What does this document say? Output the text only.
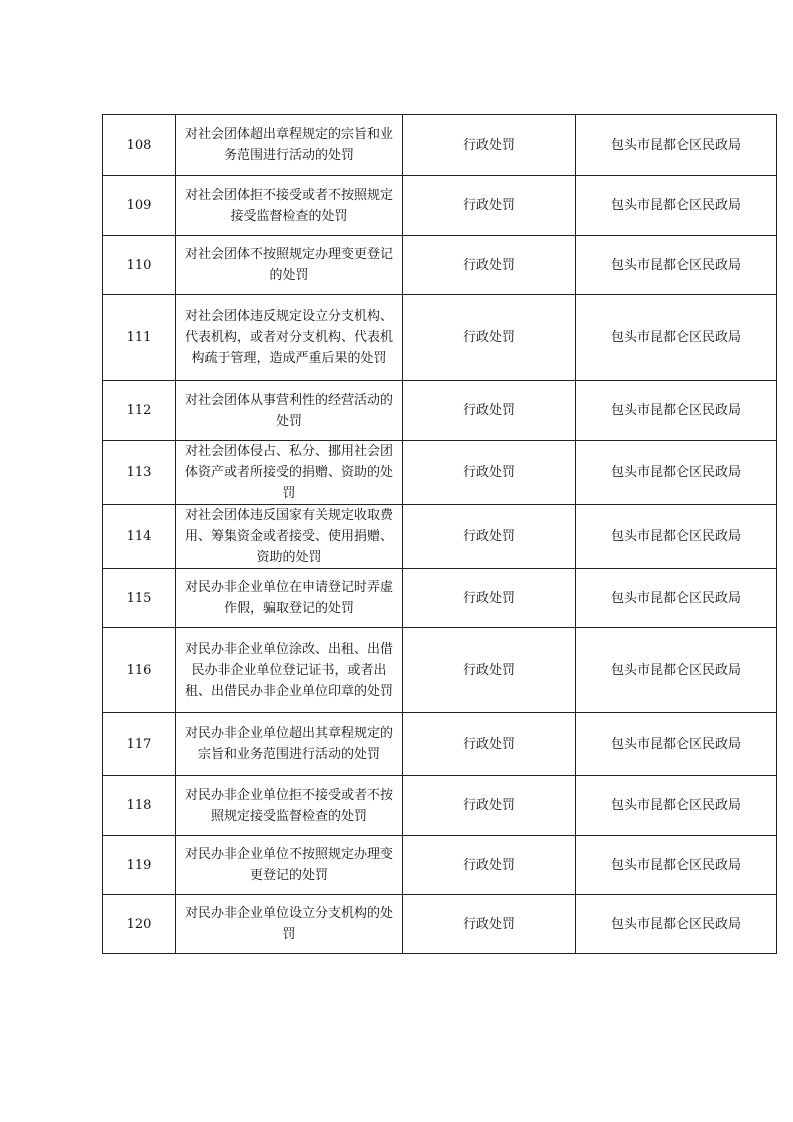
108	对社会团体超出章程规定的宗旨和业务范围进行活动的处罚	行政处罚	包头市昆都仑区民政局
109	对社会团体拒不接受或者不按照规定接受监督检查的处罚	行政处罚	包头市昆都仑区民政局
110	对社会团体不按照规定办理变更登记的处罚	行政处罚	包头市昆都仑区民政局
111	对社会团体违反规定设立分支机构、代表机构，或者对分支机构、代表机构疏于管理，造成严重后果的处罚	行政处罚	包头市昆都仑区民政局
112	对社会团体从事营利性的经营活动的处罚	行政处罚	包头市昆都仑区民政局
113	对社会团体侵占、私分、挪用社会团体资产或者所接受的捐赠、资助的处罚	行政处罚	包头市昆都仑区民政局
114	对社会团体违反国家有关规定收取费用、筹集资金或者接受、使用捐赠、资助的处罚	行政处罚	包头市昆都仑区民政局
115	对民办非企业单位在申请登记时弄虚作假，骗取登记的处罚	行政处罚	包头市昆都仑区民政局
116	对民办非企业单位涂改、出租、出借民办非企业单位登记证书，或者出租、出借民办非企业单位印章的处罚	行政处罚	包头市昆都仑区民政局
117	对民办非企业单位超出其章程规定的宗旨和业务范围进行活动的处罚	行政处罚	包头市昆都仑区民政局
118	对民办非企业单位拒不接受或者不按照规定接受监督检查的处罚	行政处罚	包头市昆都仑区民政局
119	对民办非企业单位不按照规定办理变更登记的处罚	行政处罚	包头市昆都仑区民政局
120	对民办非企业单位设立分支机构的处罚	行政处罚	包头市昆都仑区民政局
